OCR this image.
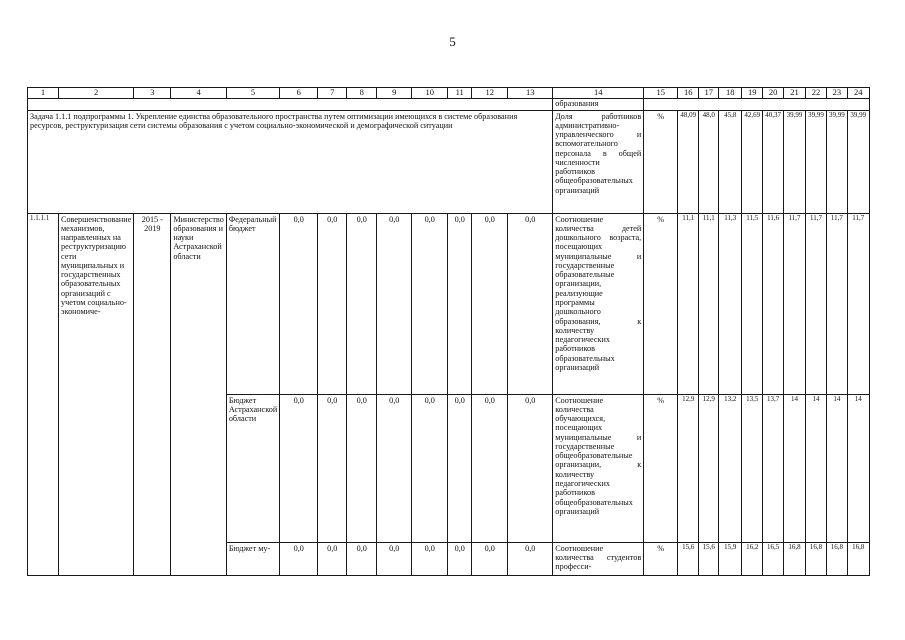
5
1	2	3	4	5	6	7	8	9	10	11	12	13	14	15	16	17	18	19	20	21	22	23	24
													образования										
Задача 1.1.1 подпрограммы 1. Укрепление единства образовательного пространства путем оптимизации имеющихся в системе образования ресурсов, реструктуризация сети системы образования с учетом социально-экономической и демографической ситуации													Доля работников административно-управленческого и вспомогательного персонала в общей численности работников общеобразовательных организаций	%	48,09	48,0	45,8	42,69	40,37	39,99	39,99	39,99	39,99
1.1.1.1	Совершенствование механизмов, направленных на реструктуризацию сети муниципальных и государственных образовательных организаций с учетом социально-экономиче-	2015 - 2019	Министерство образования и науки Астраханской области	Федеральный бюджет	0,0	0,0	0,0	0,0	0,0	0,0	0,0	0,0	Соотношение количества детей дошкольного возраста, посещающих муниципальные и государственные образовательные организации, реализующие программы дошкольного образования, к количеству педагогических работников образовательных организаций	%	11,1	11,1	11,3	11,5	11,6	11,7	11,7	11,7	11,7
				Бюджет Астраханской области	0,0	0,0	0,0	0,0	0,0	0,0	0,0	0,0	Соотношение количества обучающихся, посещающих муниципальные и государственные общеобразовательные организации, к количеству педагогических работников общеобразовательных организаций	%	12,9	12,9	13,2	13,5	13,7	14	14	14	14
				Бюджет му-	0,0	0,0	0,0	0,0	0,0	0,0	0,0	0,0	Соотношение количества студентов професси-	%	15,6	15,6	15,9	16,2	16,5	16,8	16,8	16,8	16,8
